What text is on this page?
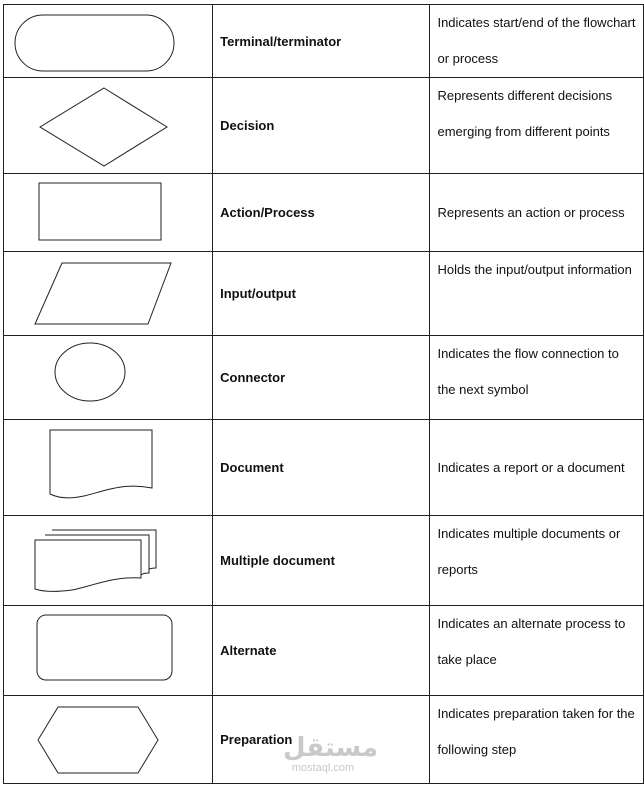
	Terminal/terminator	Indicates start/end of the flowchart or process

	Decision	Represents different decisions emerging from different points

	Action/Process	Represents an action or process

	Input/output	Holds the input/output information

	Connector	Indicates the flow connection to the next symbol

	Document	Indicates a report or a document

	Multiple document	Indicates multiple documents or reports

	Alternate	Indicates an alternate process to take place

	Preparation	Indicates preparation taken for the following step
مستقل
mostaql.com
